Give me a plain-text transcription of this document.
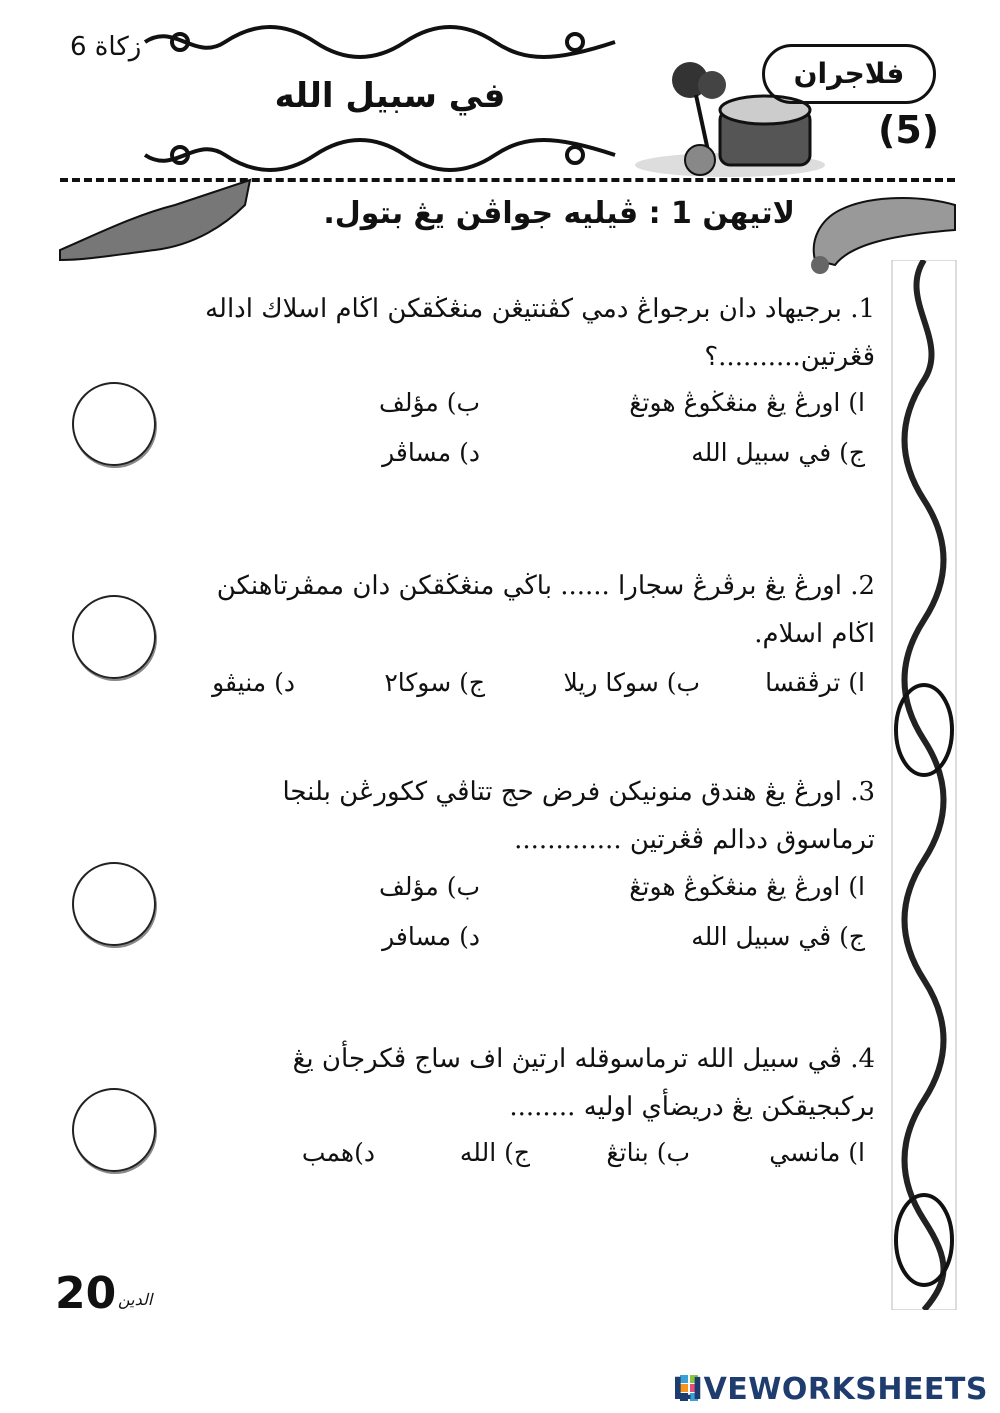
زكاة 6
في سبيل الله
فلاجران
(5)
لاتيهن 1 : ڤيليه جواڤن يڠ بتول.
1. برجيهاد دان برجواڠ دمي كڤنتيڠن منڠڬقكن اڬام اسلاك اداله ڤڠرتين..........؟
ا) اورڠ يڠ منڠڬوڠ هوتڠ
ب) مؤلف
ج) في سبيل الله
د) مساڤر
2. اورڠ يڠ برڤرڠ سجارا ...... باڬي منڠڬقكن دان ممڤرتاهنكن اڬام اسلام.
ا) ترڤقسا
ب) سوكا ريلا
ج) سوكا٢
د) منيڤو
3. اورڠ يڠ هندق منونيكن فرض حج تتاڤي ككورڠن بلنجا ترماسوق ددالم ڤڠرتين .............
ا) اورڠ يڠ منڠڬوڠ هوتڠ
ب) مؤلف
ج) ڤي سبيل الله
د) مسافر
4. ڤي سبيل الله ترماسوقله ارتيڽ اف ساج ڤكرجأن يڠ بركبجيقكن يڠ دريضأي اوليه ........
ا) مانسي
ب) بناتڠ
ج) الله
د)همب
20 الدين
LIVEWORKSHEETS
